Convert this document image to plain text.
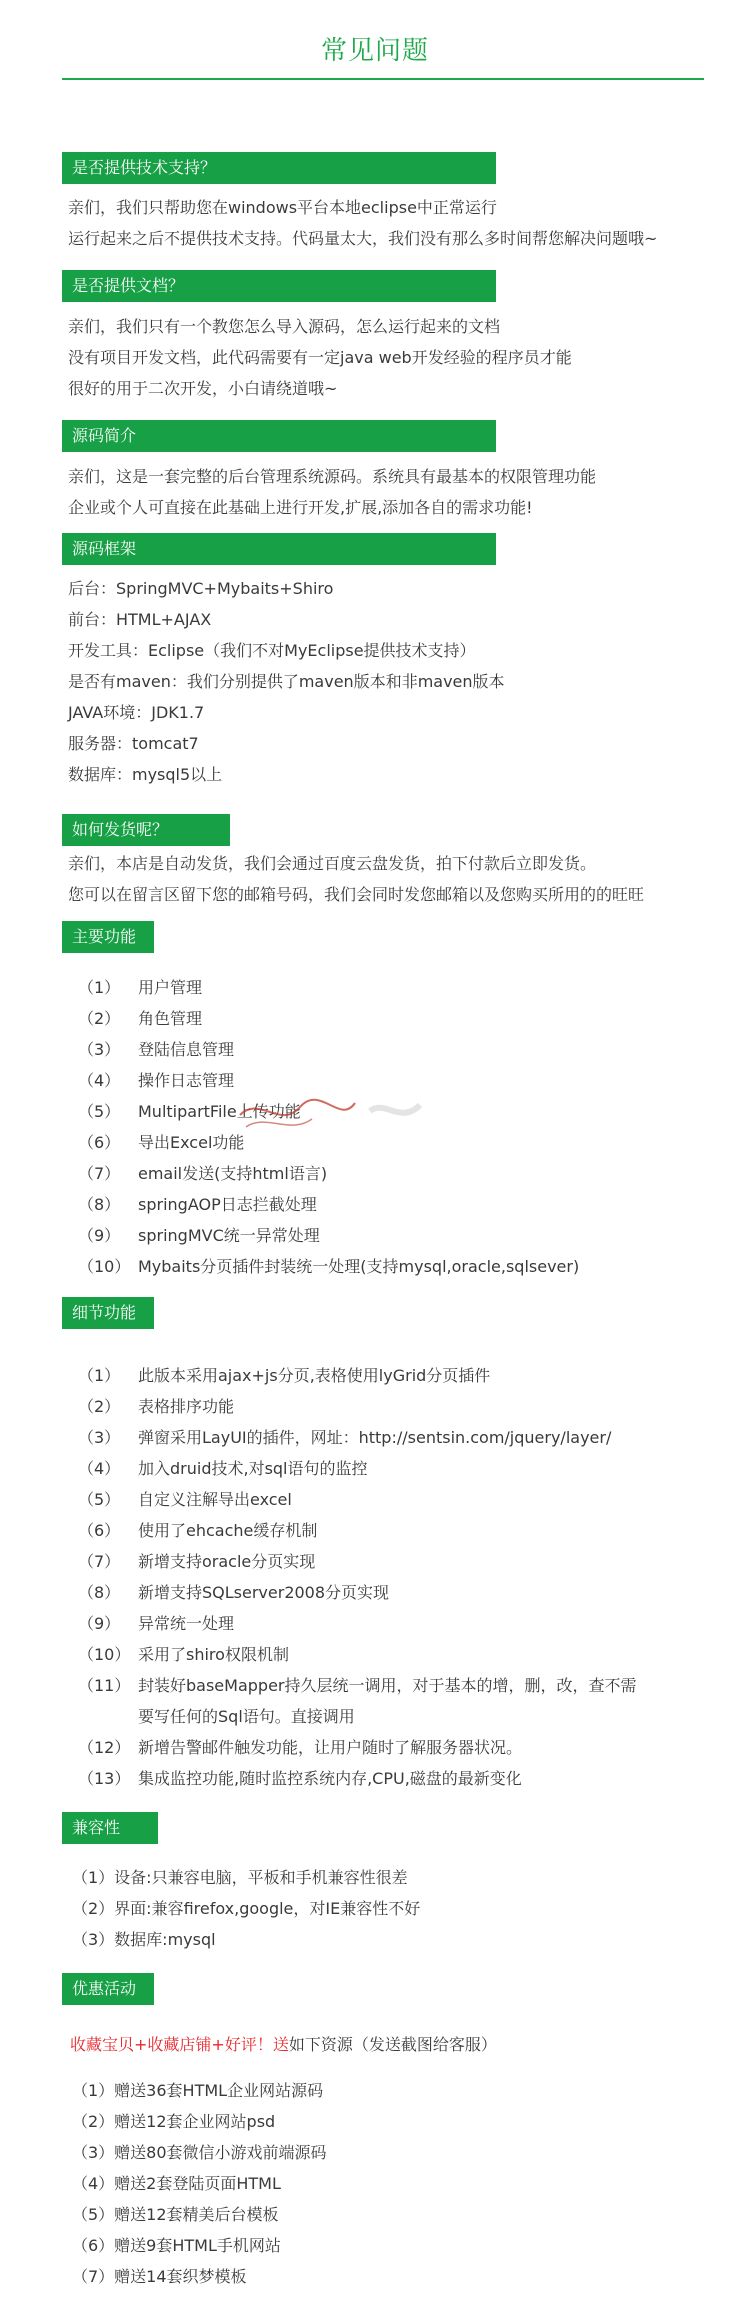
常见问题
是否提供技术支持？
亲们，我们只帮助您在windows平台本地eclipse中正常运行
运行起来之后不提供技术支持。代码量太大，我们没有那么多时间帮您解决问题哦~
是否提供文档？
亲们，我们只有一个教您怎么导入源码，怎么运行起来的文档
没有项目开发文档，此代码需要有一定java web开发经验的程序员才能
很好的用于二次开发，小白请绕道哦~
源码简介
亲们，这是一套完整的后台管理系统源码。系统具有最基本的权限管理功能
企业或个人可直接在此基础上进行开发,扩展,添加各自的需求功能!
源码框架
后台：SpringMVC+Mybaits+Shiro
前台：HTML+AJAX
开发工具：Eclipse（我们不对MyEclipse提供技术支持）
是否有maven：我们分别提供了maven版本和非maven版本
JAVA环境：JDK1.7
服务器：tomcat7
数据库：mysql5以上
如何发货呢？
亲们，本店是自动发货，我们会通过百度云盘发货，拍下付款后立即发货。
您可以在留言区留下您的邮箱号码，我们会同时发您邮箱以及您购买所用的的旺旺
主要功能
（1） 用户管理
（2） 角色管理
（3） 登陆信息管理
（4） 操作日志管理
（5） MultipartFile上传功能
（6） 导出Excel功能
（7） email发送(支持html语言)
（8） springAOP日志拦截处理
（9） springMVC统一异常处理
（10） Mybaits分页插件封装统一处理(支持mysql,oracle,sqlsever)
细节功能
（1） 此版本采用ajax+js分页,表格使用lyGrid分页插件
（2） 表格排序功能
（3） 弹窗采用LayUI的插件，网址：http://sentsin.com/jquery/layer/
（4） 加入druid技术,对sql语句的监控
（5） 自定义注解导出excel
（6） 使用了ehcache缓存机制
（7） 新增支持oracle分页实现
（8） 新增支持SQLserver2008分页实现
（9） 异常统一处理
（10） 采用了shiro权限机制
（11） 封装好baseMapper持久层统一调用，对于基本的增，删，改，查不需
要写任何的Sql语句。直接调用
（12） 新增告警邮件触发功能，让用户随时了解服务器状况。
（13） 集成监控功能,随时监控系统内存,CPU,磁盘的最新变化
兼容性
（1）设备:只兼容电脑，平板和手机兼容性很差
（2）界面:兼容firefox,google，对IE兼容性不好
（3）数据库:mysql
优惠活动
收藏宝贝+收藏店铺+好评！送如下资源（发送截图给客服）
（1）赠送36套HTML企业网站源码
（2）赠送12套企业网站psd
（3）赠送80套微信小游戏前端源码
（4）赠送2套登陆页面HTML
（5）赠送12套精美后台模板
（6）赠送9套HTML手机网站
（7）赠送14套织梦模板
